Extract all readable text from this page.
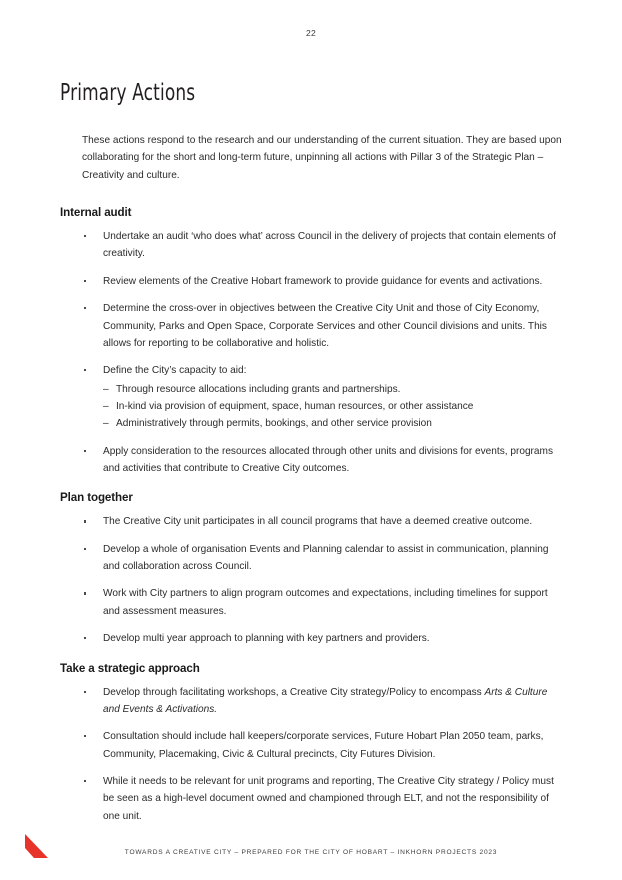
22
Primary Actions

These actions respond to the research and our understanding of the current situation. They are based upon collaborating for the short and long-term future, unpinning all actions with Pillar 3 of the Strategic Plan – Creativity and culture.

Internal audit
Undertake an audit ‘who does what’ across Council in the delivery of projects that contain elements of creativity.
Review elements of the Creative Hobart framework to provide guidance for events and activations.
Determine the cross-over in objectives between the Creative City Unit and those of City Economy, Community, Parks and Open Space, Corporate Services and other Council divisions and units. This allows for reporting to be collaborative and holistic.
Define the City’s capacity to aid:
– Through resource allocations including grants and partnerships.
– In-kind via provision of equipment, space, human resources, or other assistance
– Administratively through permits, bookings, and other service provision
Apply consideration to the resources allocated through other units and divisions for events, programs and activities that contribute to Creative City outcomes.
Plan together
The Creative City unit participates in all council programs that have a deemed creative outcome.
Develop a whole of organisation Events and Planning calendar to assist in communication, planning and collaboration across Council.
Work with City partners to align program outcomes and expectations, including timelines for support and assessment measures.
Develop multi year approach to planning with key partners and providers.
Take a strategic approach
Develop through facilitating workshops, a Creative City strategy/Policy to encompass Arts & Culture and Events & Activations.
Consultation should include hall keepers/corporate services, Future Hobart Plan 2050 team, parks, Community, Placemaking, Civic & Cultural precincts, City Futures Division.
While it needs to be relevant for unit programs and reporting, The Creative City strategy / Policy must be seen as a high-level document owned and championed through ELT, and not the responsibility of one unit.
TOWARDS A CREATIVE CITY – PREPARED FOR THE CITY OF HOBART – INKHORN PROJECTS 2023
